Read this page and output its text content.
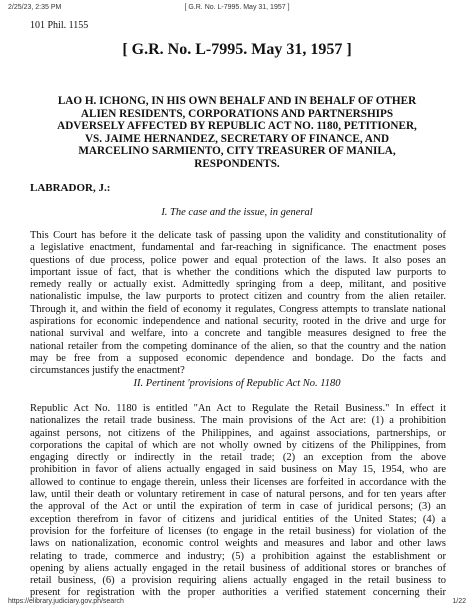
2/25/23, 2:35 PM	[ G.R. No. L-7995. May 31, 1957 ]
101 Phil. 1155
[ G.R. No. L-7995. May 31, 1957 ]
LAO H. ICHONG, IN HIS OWN BEHALF AND IN BEHALF OF OTHER
ALIEN RESIDENTS, CORPORATIONS AND PARTNERSHIPS
ADVERSELY AFFECTED BY REPUBLIC ACT NO. 1180, PETITIONER,
VS. JAIME HERNANDEZ, SECRETARY OF FINANCE, AND
MARCELINO SARMIENTO, CITY TREASURER OF MANILA,
RESPONDENTS.
LABRADOR, J.:
I. The case and the issue, in general
This Court has before it the delicate task of passing upon the validity and constitutionality of
a legislative enactment, fundamental and far-reaching in significance. The enactment poses
questions of due process, police power and equal protection of the laws. It also poses an
important issue of fact, that is whether the conditions which the disputed law purports to
remedy really or actually exist. Admittedly springing from a deep, militant, and positive
nationalistic impulse, the law purports to protect citizen and country from the alien retailer.
Through it, and within the field of economy it regulates, Congress attempts to translate national
aspirations for economic independence and national security, rooted in the drive and urge for
national survival and welfare, into a concrete and tangible measures designed to free the
national retailer from the competing dominance of the alien, so that the country and the nation
may be free from a supposed economic dependence and bondage. Do the facts and
circumstances justify the enactment?
II. Pertinent 'provisions of Republic Act No. 1180
Republic Act No. 1180 is entitled "An Act to Regulate the Retail Business." In effect it
nationalizes the retail trade business. The main provisions of the Act are: (1) a prohibition
against persons, not citizens of the Philippines, and against associations, partnerships, or
corporations the capital of which are not wholly owned by citizens of the Philippines, from
engaging directly or indirectly in the retail trade; (2) an exception from the above
prohibition in favor of aliens actually engaged in said business on May 15, 1954, who are
allowed to continue to engage therein, unless their licenses are forfeited in accordance with the
law, until their death or voluntary retirement in case of natural persons, and for ten years after
the approval of the Act or until the expiration of term in case of juridical persons; (3) an
exception therefrom in favor of citizens and juridical entities of the United States; (4) a
provision for the forfeiture of licenses (to engage in the retail business) for violation of the
laws on nationalization, economic control weights and measures and labor and other laws
relating to trade, commerce and industry; (5) a prohibition against the establishment or
opening by aliens actually engaged in the retail business of additional stores or branches of
retail business, (6) a provision requiring aliens actually engaged in the retail business to
present for registration with the proper authorities a verified statement concerning their
https://elibrary.judiciary.gov.ph/search	1/22
